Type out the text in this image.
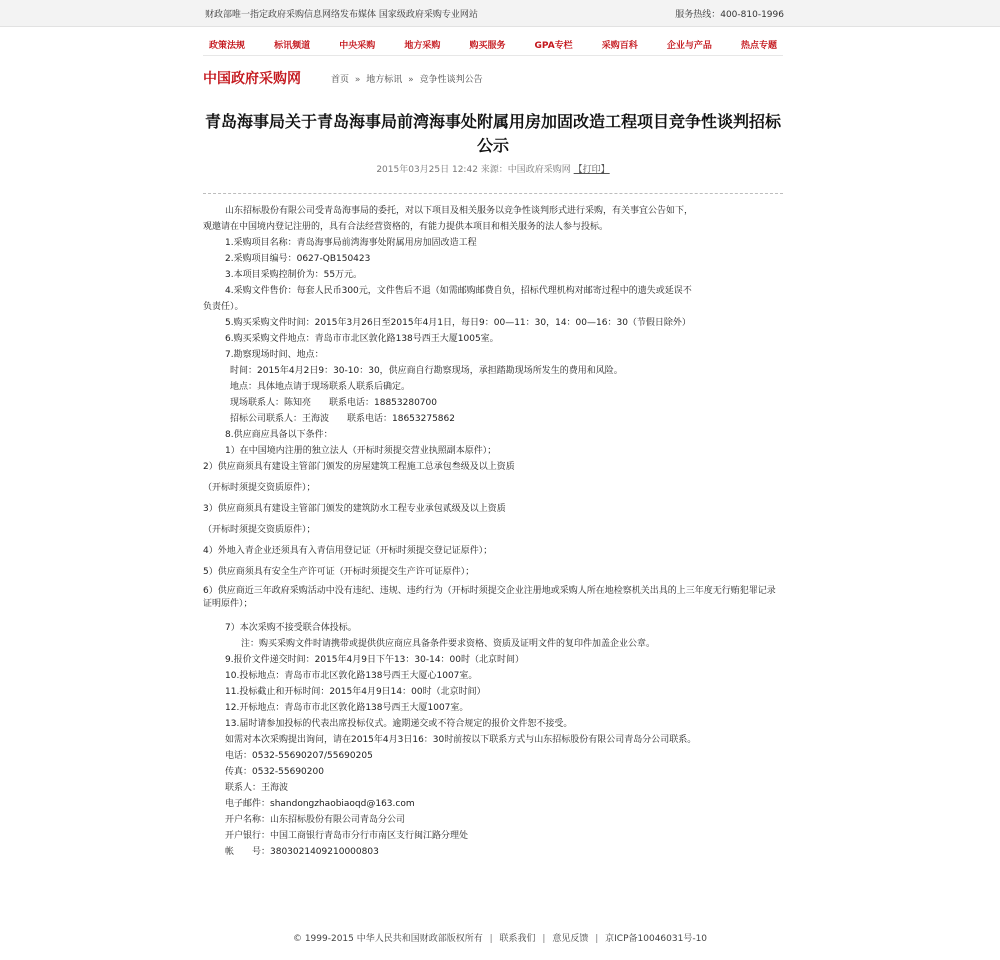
财政部唯一指定政府采购信息网络发布媒体 国家级政府采购专业网站	服务热线：400-810-1996
政策法规	标讯频道	中央采购	地方采购	购买服务	GPA专栏	采购百科	企业与产品	热点专题
中国政府采购网	首页 » 地方标讯 » 竞争性谈判公告
青岛海事局关于青岛海事局前湾海事处附属用房加固改造工程项目竞争性谈判招标公示
2015年03月25日 12:42 来源：中国政府采购网 【打印】

山东招标股份有限公司受青岛海事局的委托，对以下项目及相关服务以竞争性谈判形式进行采购，有关事宜公告如下，

观邀请在中国境内登记注册的，具有合法经营资格的，有能力提供本项目和相关服务的法人参与投标。

1.采购项目名称：青岛海事局前湾海事处附属用房加固改造工程

2.采购项目编号：0627-QB150423

3.本项目采购控制价为：55万元。

4.采购文件售价：每套人民币300元，文件售后不退（如需邮购邮费自负，招标代理机构对邮寄过程中的遗失或延误不

负责任）。

5.购买采购文件时间：2015年3月26日至2015年4月1日，每日9：00—11：30，14：00—16：30（节假日除外）

6.购买采购文件地点：青岛市市北区敦化路138号西王大厦1005室。

7.勘察现场时间、地点：

时间：2015年4月2日9：30-10：30，供应商自行勘察现场，承担踏勘现场所发生的费用和风险。

地点：具体地点请于现场联系人联系后确定。

现场联系人：陈知亮　　联系电话：18853280700

招标公司联系人：王海波　　联系电话：18653275862

8.供应商应具备以下条件：

1）在中国境内注册的独立法人（开标时须提交营业执照副本原件）；

2）供应商须具有建设主管部门颁发的房屋建筑工程施工总承包叁级及以上资质

（开标时须提交资质原件）；

3）供应商须具有建设主管部门颁发的建筑防水工程专业承包贰级及以上资质

（开标时须提交资质原件）；

4）外地入青企业还须具有入青信用登记证（开标时须提交登记证原件）；

5）供应商须具有安全生产许可证（开标时须提交生产许可证原件）；

6）供应商近三年政府采购活动中没有违纪、违规、违约行为（开标时须提交企业注册地或采购人所在地检察机关出具的上三年度无行贿犯罪记录证明原件）；

7）本次采购不接受联合体投标。

注：购买采购文件时请携带或提供供应商应具备条件要求资格、资质及证明文件的复印件加盖企业公章。

9.报价文件递交时间：2015年4月9日下午13：30-14：00时（北京时间）

10.投标地点：青岛市市北区敦化路138号西王大厦心1007室。

11.投标截止和开标时间：2015年4月9日14：00时（北京时间）

12.开标地点：青岛市市北区敦化路138号西王大厦1007室。

13.届时请参加投标的代表出席投标仪式。逾期递交或不符合规定的报价文件恕不接受。

如需对本次采购提出询问，请在2015年4月3日16：30时前按以下联系方式与山东招标股份有限公司青岛分公司联系。

电话：0532-55690207/55690205

传真：0532-55690200

联系人：王海波

电子邮件：shandongzhaobiaoqd@163.com

开户名称：山东招标股份有限公司青岛分公司

开户银行：中国工商银行青岛市分行市南区支行闽江路分理处

帐　　号：3803021409210000803

© 1999-2015 中华人民共和国财政部版权所有 | 联系我们 | 意见反馈 | 京ICP备10046031号-10
